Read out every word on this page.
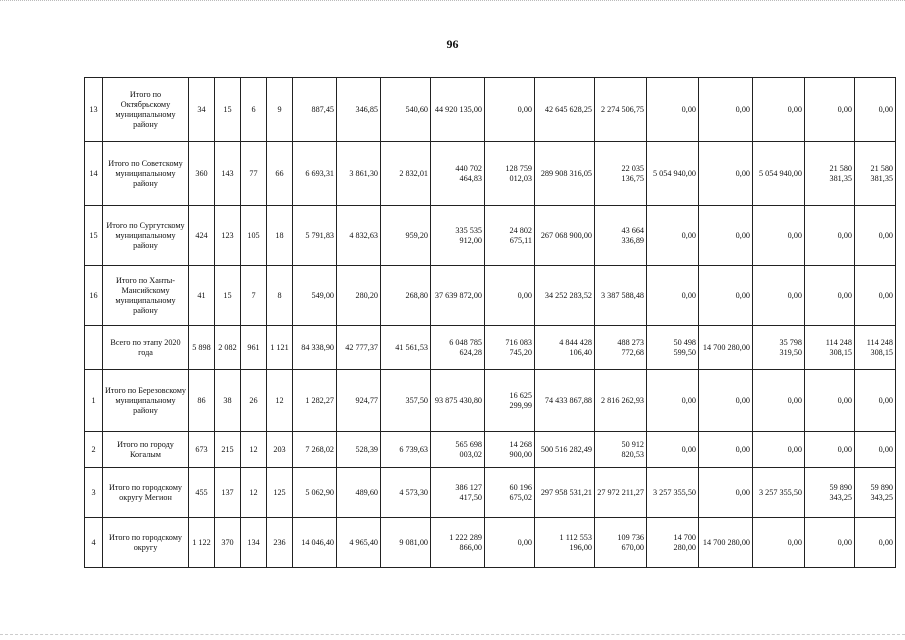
96
13	Итого по Октябрьскому муниципальному району	34	15	6	9	887,45	346,85	540,60	44 920 135,00	0,00	42 645 628,25	2 274 506,75	0,00	0,00	0,00	0,00	0,00
14	Итого по Советскому муниципальному району	360	143	77	66	6 693,31	3 861,30	2 832,01	440 702 464,83	128 759 012,03	289 908 316,05	22 035 136,75	5 054 940,00	0,00	5 054 940,00	21 580 381,35	21 580 381,35
15	Итого по Сургутскому муниципальному району	424	123	105	18	5 791,83	4 832,63	959,20	335 535 912,00	24 802 675,11	267 068 900,00	43 664 336,89	0,00	0,00	0,00	0,00	0,00
16	Итого по Ханты-Мансийскому муниципальному району	41	15	7	8	549,00	280,20	268,80	37 639 872,00	0,00	34 252 283,52	3 387 588,48	0,00	0,00	0,00	0,00	0,00
	Всего по этапу 2020 года	5 898	2 082	961	1 121	84 338,90	42 777,37	41 561,53	6 048 785 624,28	716 083 745,20	4 844 428 106,40	488 273 772,68	50 498 599,50	14 700 280,00	35 798 319,50	114 248 308,15	114 248 308,15
1	Итого по Березовскому муниципальному району	86	38	26	12	1 282,27	924,77	357,50	93 875 430,80	16 625 299,99	74 433 867,88	2 816 262,93	0,00	0,00	0,00	0,00	0,00
2	Итого по городу Когалым	673	215	12	203	7 268,02	528,39	6 739,63	565 698 003,02	14 268 900,00	500 516 282,49	50 912 820,53	0,00	0,00	0,00	0,00	0,00
3	Итого по городскому округу Мегион	455	137	12	125	5 062,90	489,60	4 573,30	386 127 417,50	60 196 675,02	297 958 531,21	27 972 211,27	3 257 355,50	0,00	3 257 355,50	59 890 343,25	59 890 343,25
4	Итого по городскому округу	1 122	370	134	236	14 046,40	4 965,40	9 081,00	1 222 289 866,00	0,00	1 112 553 196,00	109 736 670,00	14 700 280,00	14 700 280,00	0,00	0,00	0,00
